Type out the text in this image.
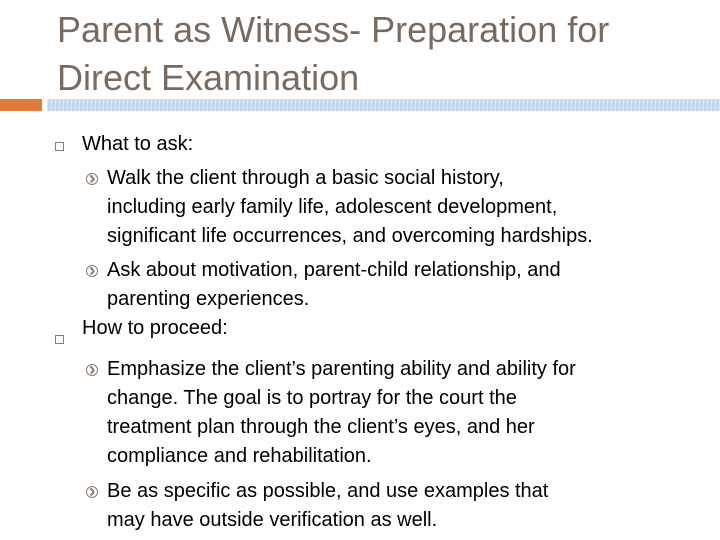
Parent as Witness- Preparation for
Direct Examination
What to ask:
Walk the client through a basic social history,
including early family life, adolescent development,
significant life occurrences, and overcoming hardships.
Ask about motivation, parent-child relationship, and
parenting experiences.
How to proceed:
Emphasize the client’s parenting ability and ability for
change. The goal is to portray for the court the
treatment plan through the client’s eyes, and her
compliance and rehabilitation.
Be as specific as possible, and use examples that
may have outside verification as well.
